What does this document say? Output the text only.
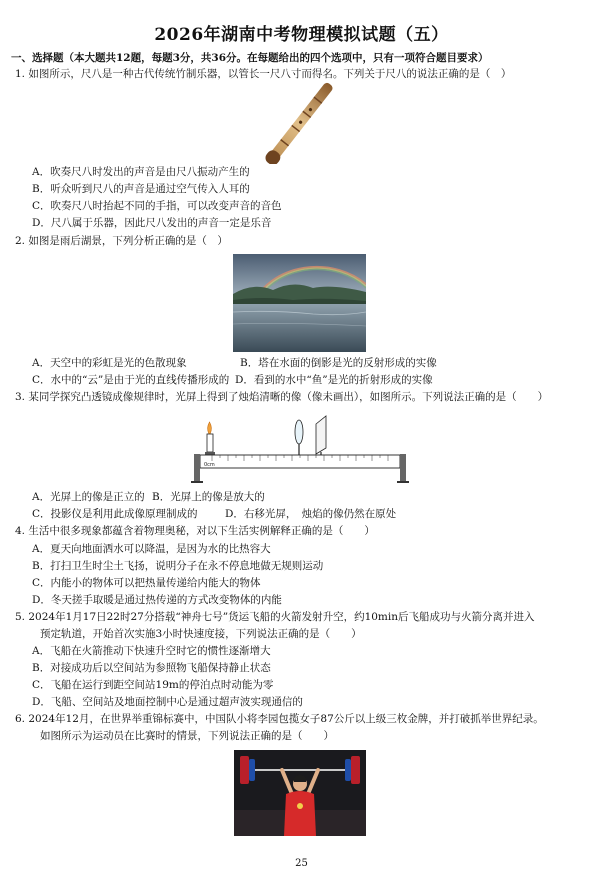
2026年湖南中考物理模拟试题（五）
一、选择题（本大题共12题，每题3分，共36分。在每题给出的四个选项中，只有一项符合题目要求）
1. 如图所示，尺八是一种古代传统竹制乐器，以管长一尺八寸而得名。下列关于尺八的说法正确的是（　）
A．吹奏尺八时发出的声音是由尺八振动产生的
B．听众听到尺八的声音是通过空气传入人耳的
C．吹奏尺八时抬起不同的手指，可以改变声音的音色
D．尺八属于乐器，因此尺八发出的声音一定是乐音
2. 如图是雨后湖景，下列分析正确的是（　）
A．天空中的彩虹是光的色散现象	B．塔在水面的倒影是光的反射形成的实像
C．水中的“云”是由于光的直线传播形成的 D．看到的水中“鱼”是光的折射形成的实像
3. 某同学探究凸透镜成像规律时，光屏上得到了烛焰清晰的像（像未画出），如图所示。下列说法正确的是（　　）
0cm
A．光屏上的像是正立的 B．光屏上的像是放大的
C．投影仪是利用此成像原理制成的	D．右移光屏，　烛焰的像仍然在原处
4. 生活中很多现象都蕴含着物理奥秘，对以下生活实例解释正确的是（　　）
A．夏天向地面洒水可以降温，是因为水的比热容大
B．打扫卫生时尘土飞扬，说明分子在永不停息地做无规则运动
C．内能小的物体可以把热量传递给内能大的物体
D．冬天搓手取暖是通过热传递的方式改变物体的内能
5. 2024年1月17日22时27分搭载“神舟七号”货运飞船的火箭发射升空，约10min后飞船成功与火箭分离并进入
预定轨道，开始首次实施3小时快速度接，下列说法正确的是（　　）
A．飞船在火箭推动下快速升空时它的惯性逐渐增大
B．对接成功后以空间站为参照物飞船保持静止状态
C．飞船在运行到距空间站19m的停泊点时动能为零
D．飞船、空间站及地面控制中心是通过超声波实现通信的
6. 2024年12月，在世界举重锦标赛中，中国队小将李园包揽女子87公斤以上级三枚金牌，并打破抓举世界纪录。
如图所示为运动员在比赛时的情景，下列说法正确的是（　　）
25
